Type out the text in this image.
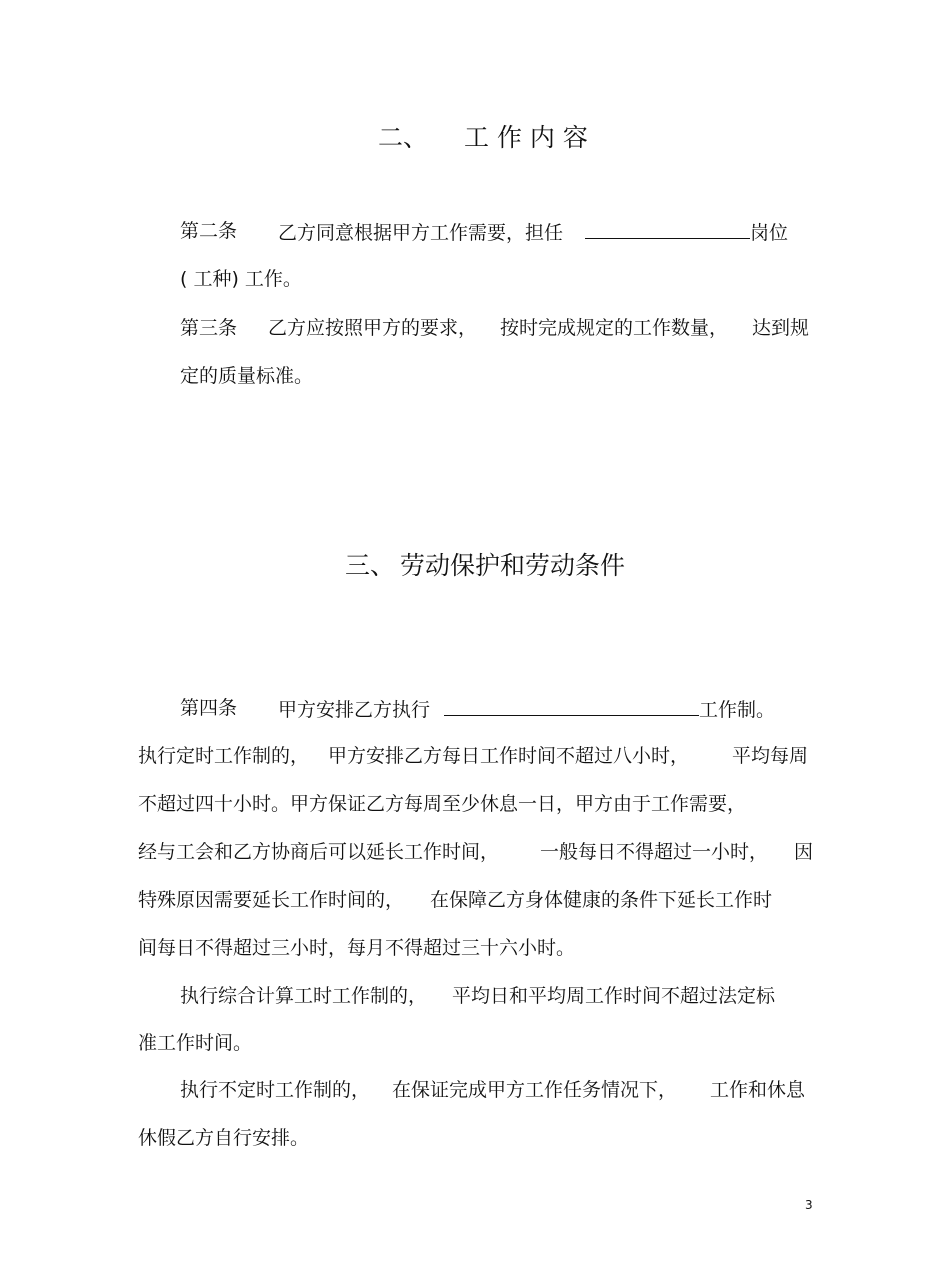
二、 工 作 内 容
第二条 乙方同意根据甲方工作需要，担任	岗位
( 工种) 工作。
第三条 乙方应按照甲方的要求， 按时完成规定的工作数量， 达到规
定的质量标准。
三、 劳动保护和劳动条件
第四条 甲方安排乙方执行	工作制。
执行定时工作制的， 甲方安排乙方每日工作时间不超过八小时， 平均每周
不超过四十小时。甲方保证乙方每周至少休息一日，甲方由于工作需要，
经与工会和乙方协商后可以延长工作时间， 一般每日不得超过一小时， 因
特殊原因需要延长工作时间的， 在保障乙方身体健康的条件下延长工作时
间每日不得超过三小时，每月不得超过三十六小时。
执行综合计算工时工作制的， 平均日和平均周工作时间不超过法定标
准工作时间。
执行不定时工作制的， 在保证完成甲方工作任务情况下， 工作和休息
休假乙方自行安排。
3
